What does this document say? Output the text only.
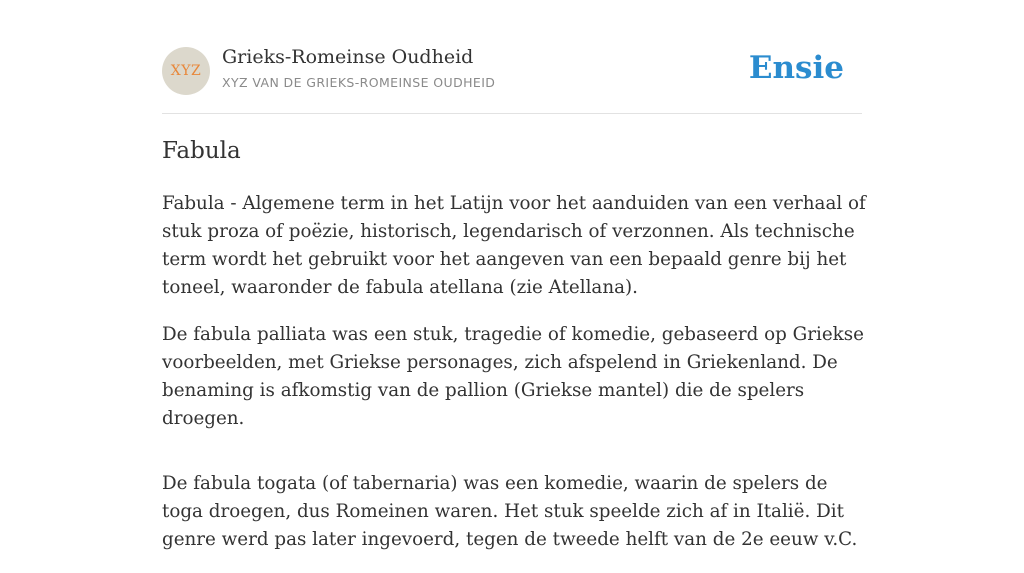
XYZ
Grieks-Romeinse Oudheid
XYZ VAN DE GRIEKS-ROMEINSE OUDHEID	Ensie
Fabula

Fabula - Algemene term in het Latijn voor het aanduiden van een verhaal of stuk proza of poëzie, historisch, legendarisch of verzonnen. Als technische term wordt het gebruikt voor het aangeven van een bepaald genre bij het toneel, waaronder de fabula atellana (zie Atellana).

De fabula palliata was een stuk, tragedie of komedie, gebaseerd op Griekse voorbeelden, met Griekse personages, zich afspelend in Griekenland. De benaming is afkomstig van de pallion (Griekse mantel) die de spelers droegen.

De fabula togata (of tabernaria) was een komedie, waarin de spelers de toga droegen, dus Romeinen waren. Het stuk speelde zich af in Italië. Dit genre werd pas later ingevoerd, tegen de tweede helft van de 2e eeuw v.C.
